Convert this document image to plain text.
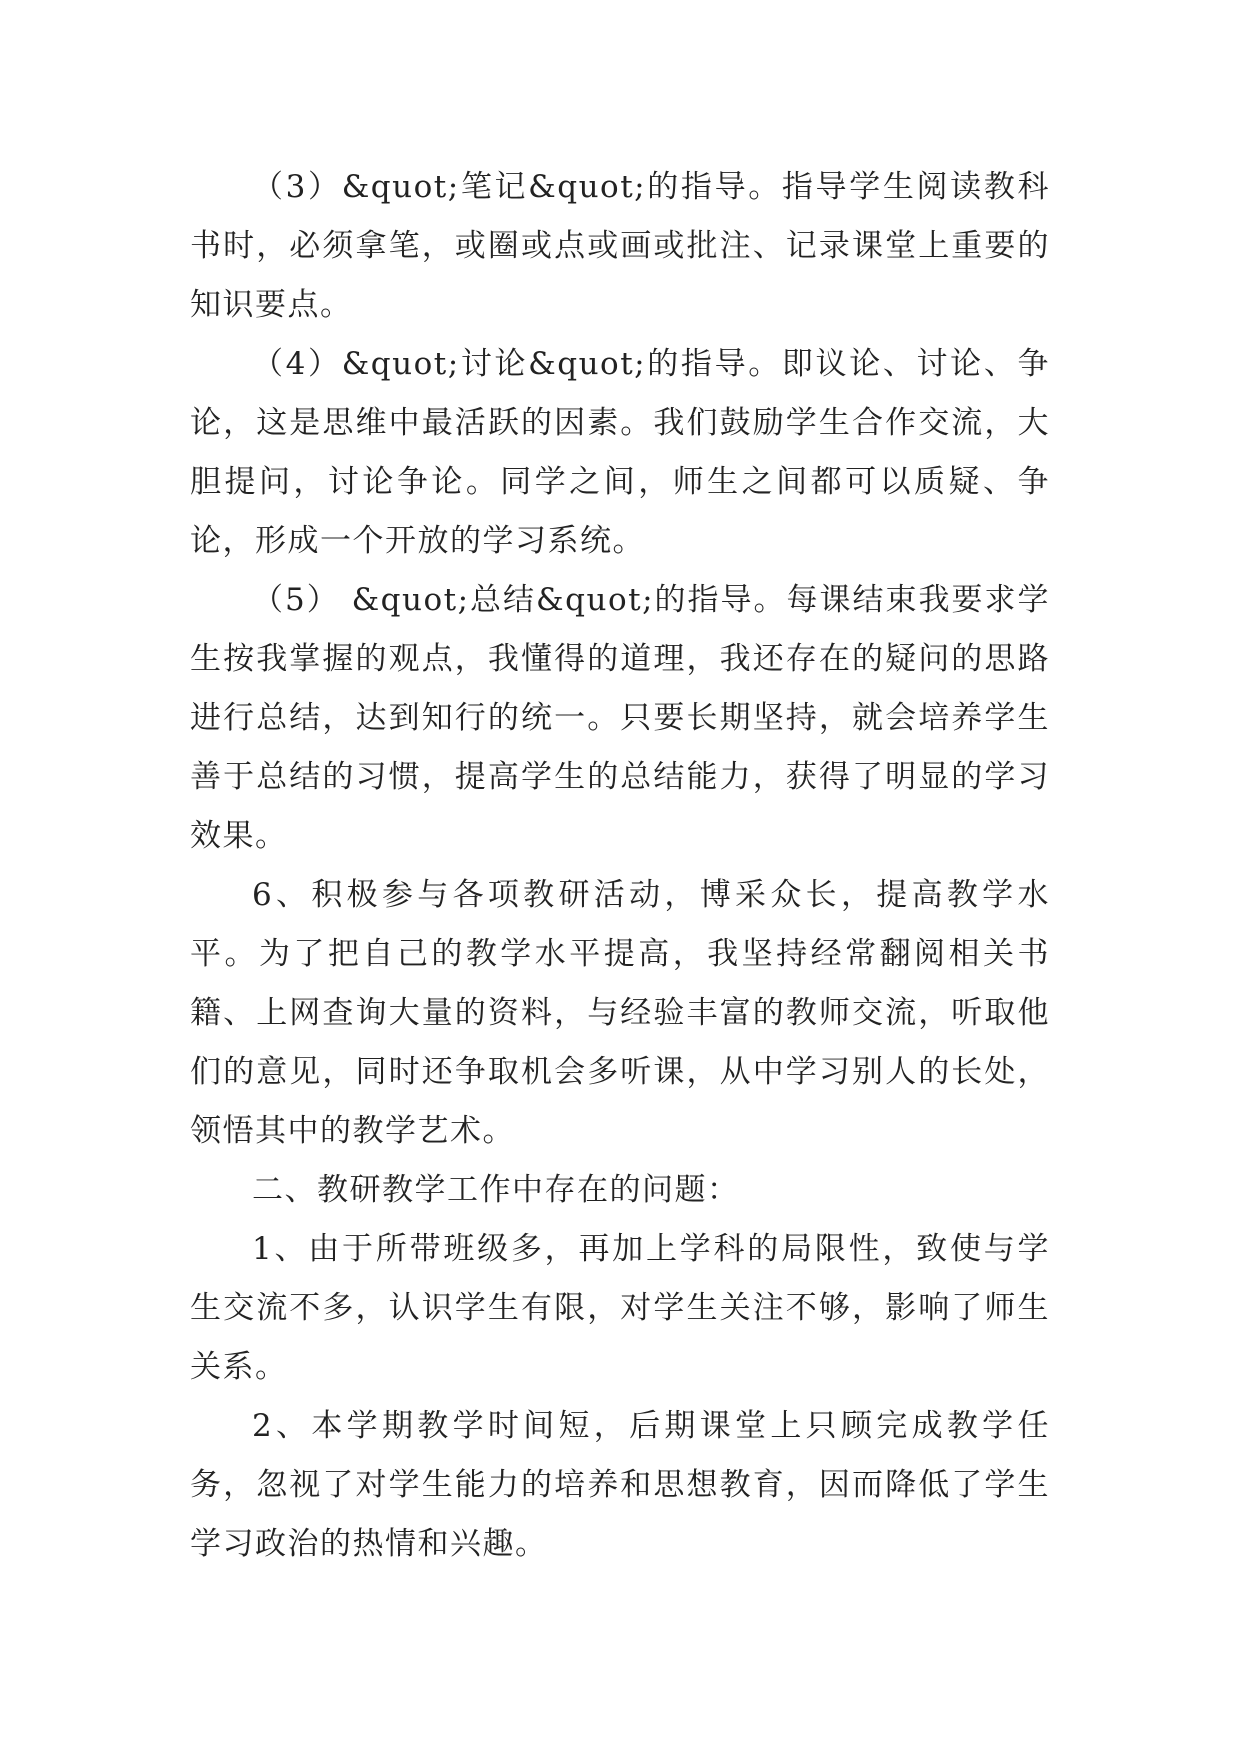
（3）&quot;笔记&quot;的指导。指导学生阅读教科书时，必须拿笔，或圈或点或画或批注、记录课堂上重要的知识要点。

（4）&quot;讨论&quot;的指导。即议论、讨论、争论，这是思维中最活跃的因素。我们鼓励学生合作交流，大胆提问，讨论争论。同学之间，师生之间都可以质疑、争论，形成一个开放的学习系统。

（5） &quot;总结&quot;的指导。每课结束我要求学生按我掌握的观点，我懂得的道理，我还存在的疑问的思路进行总结，达到知行的统一。只要长期坚持，就会培养学生善于总结的习惯，提高学生的总结能力，获得了明显的学习效果。

6、积极参与各项教研活动，博采众长，提高教学水平。为了把自己的教学水平提高，我坚持经常翻阅相关书籍、上网查询大量的资料，与经验丰富的教师交流，听取他们的意见，同时还争取机会多听课，从中学习别人的长处，领悟其中的教学艺术。

二、教研教学工作中存在的问题：

1、由于所带班级多，再加上学科的局限性，致使与学生交流不多，认识学生有限，对学生关注不够，影响了师生关系。

2、本学期教学时间短，后期课堂上只顾完成教学任务，忽视了对学生能力的培养和思想教育，因而降低了学生学习政治的热情和兴趣。
